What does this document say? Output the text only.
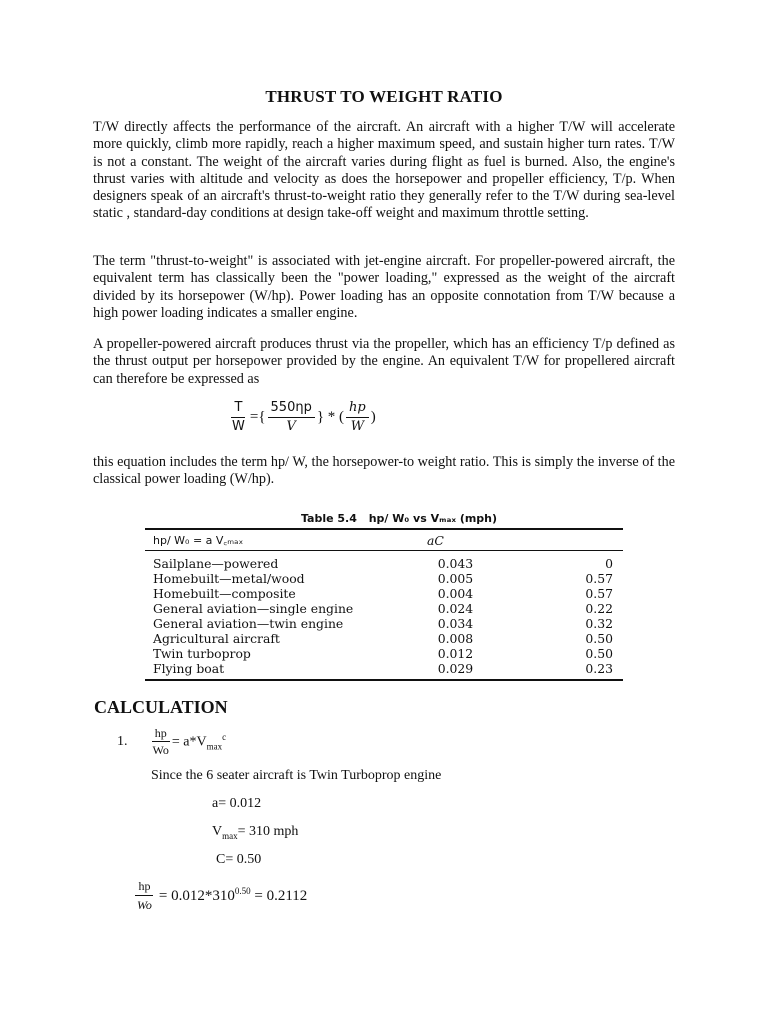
THRUST TO WEIGHT RATIO

T/W directly affects the performance of the aircraft. An aircraft with a higher T/W will accelerate more quickly, climb more rapidly, reach a higher maximum speed, and sustain higher turn rates. T/W is not a constant. The weight of the aircraft varies during flight as fuel is burned. Also, the engine's thrust varies with altitude and velocity as does the horsepower and propeller efficiency, T/p. When designers speak of an aircraft's thrust-to-weight ratio they generally refer to the T/W during sea-level static , standard-day conditions at design take-off weight and maximum throttle setting.

The term "thrust-to-weight" is associated with jet-engine aircraft. For propeller-powered aircraft, the equivalent term has classically been the "power loading," expressed as the weight of the aircraft divided by its horsepower (W/hp). Power loading has an opposite connotation from T/W because a high power loading indicates a smaller engine.

A propeller-powered aircraft produces thrust via the propeller, which has an efficiency T/p defined as the thrust output per horsepower provided by the engine. An equivalent T/W for propellered aircraft can therefore be expressed as

$\frac{T}{W}$ ={ $\frac{550\eta p}{V}$ } * ( $\frac{hp}{W}$ )

this equation includes the term hp/ W, the horsepower-to weight ratio. This is simply the inverse of the classical power loading (W/hp).

Table 5.4 hp/ W₀ vs Vₘₐₓ (mph)
hp/ W₀ = a V꜀ₘₐₓ	a C
Sailplane—powered	0.043	0
Homebuilt—metal/wood	0.005	0.57
Homebuilt—composite	0.004	0.57
General aviation—single engine	0.024	0.22
General aviation—twin engine	0.034	0.32
Agricultural aircraft	0.008	0.50
Twin turboprop	0.012	0.50
Flying boat	0.029	0.23
CALCULATION
1. $\frac{hp}{Wo} = a*V_{max}^c$
Since the 6 seater aircraft is Twin Turboprop engine
a= 0.012
$V_{max}= 310$ mph
C= 0.50
$\frac{hp}{Wo} = 0.012*310^{0.50} = 0.2112$
